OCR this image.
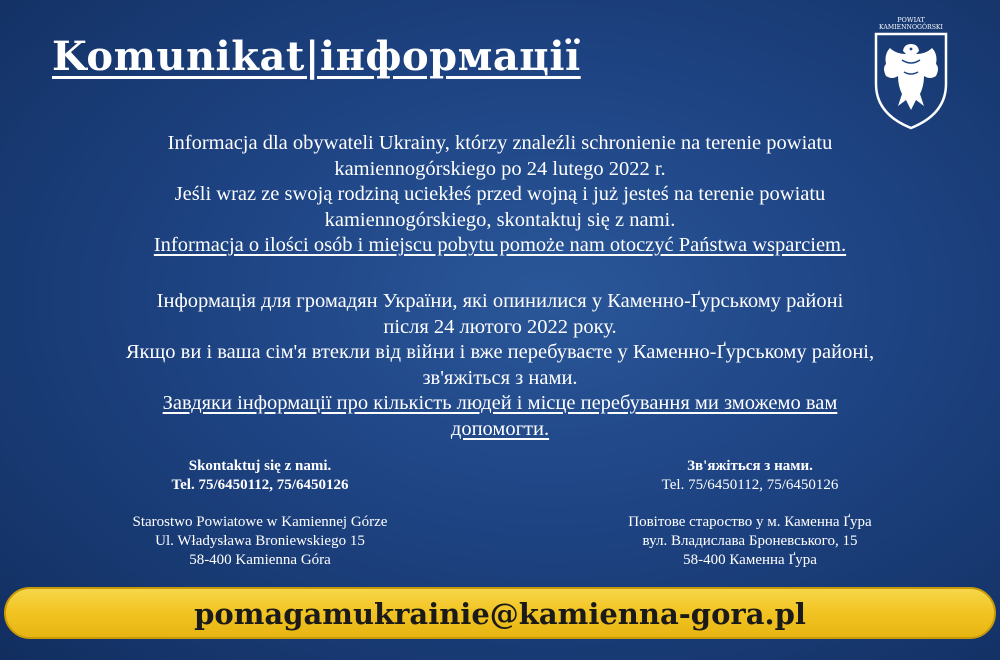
Komunikat|інформації
POWIAT
KAMIENNOGÓRSKI

Informacja dla obywateli Ukrainy, którzy znaleźli schronienie na terenie powiatu

kamiennogórskiego po 24 lutego 2022 r.

Jeśli wraz ze swoją rodziną uciekłeś przed wojną i już jesteś na terenie powiatu

kamiennogórskiego, skontaktuj się z nami.

Informacja o ilości osób i miejscu pobytu pomoże nam otoczyć Państwa wsparciem.

Інформація для громадян України, які опинилися у Каменно-Ґурському районі

після 24 лютого 2022 року.

Якщо ви і ваша сім'я втекли від війни і вже перебуваєте у Каменно-Ґурському районі,

зв'яжіться з нами.

Завдяки інформації про кількість людей і місце перебування ми зможемо вам

допомогти.

Skontaktuj się z nami.
Tel. 75/6450112, 75/6450126
Starostwo Powiatowe w Kamiennej Górze
Ul. Władysława Broniewskiego 15
58-400 Kamienna Góra
Зв'яжіться з нами.
Tel. 75/6450112, 75/6450126
Повітове староство у м. Каменна Ґура
вул. Владислава Броневського, 15
58-400 Каменна Ґура
pomagamukrainie@kamienna-gora.pl
